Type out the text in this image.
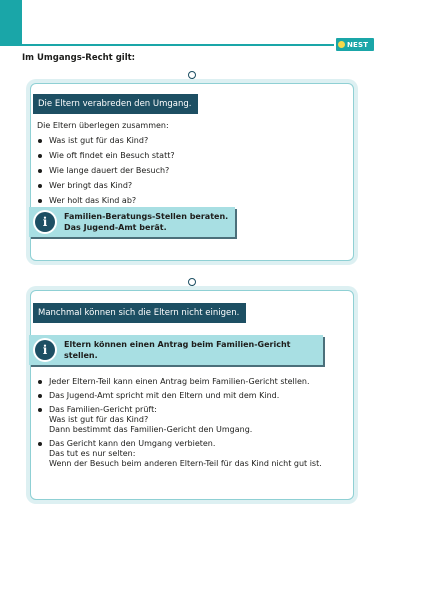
NEST
Im Umgangs-Recht gilt:
Die Eltern verabreden den Umgang.
Die Eltern überlegen zusammen:
Was ist gut für das Kind?
Wie oft findet ein Besuch statt?
Wie lange dauert der Besuch?
Wer bringt das Kind?
Wer holt das Kind ab?
i	Familien-Beratungs-Stellen beraten.
Das Jugend-Amt berät.
Manchmal können sich die Eltern nicht einigen.
i	Eltern können einen Antrag beim Familien-Gericht stellen.
Jeder Eltern-Teil kann einen Antrag beim Familien-Gericht stellen.
Das Jugend-Amt spricht mit den Eltern und mit dem Kind.
Das Familien-Gericht prüft:
Was ist gut für das Kind?
Dann bestimmt das Familien-Gericht den Umgang.
Das Gericht kann den Umgang verbieten.
Das tut es nur selten:
Wenn der Besuch beim anderen Eltern-Teil für das Kind nicht gut ist.
